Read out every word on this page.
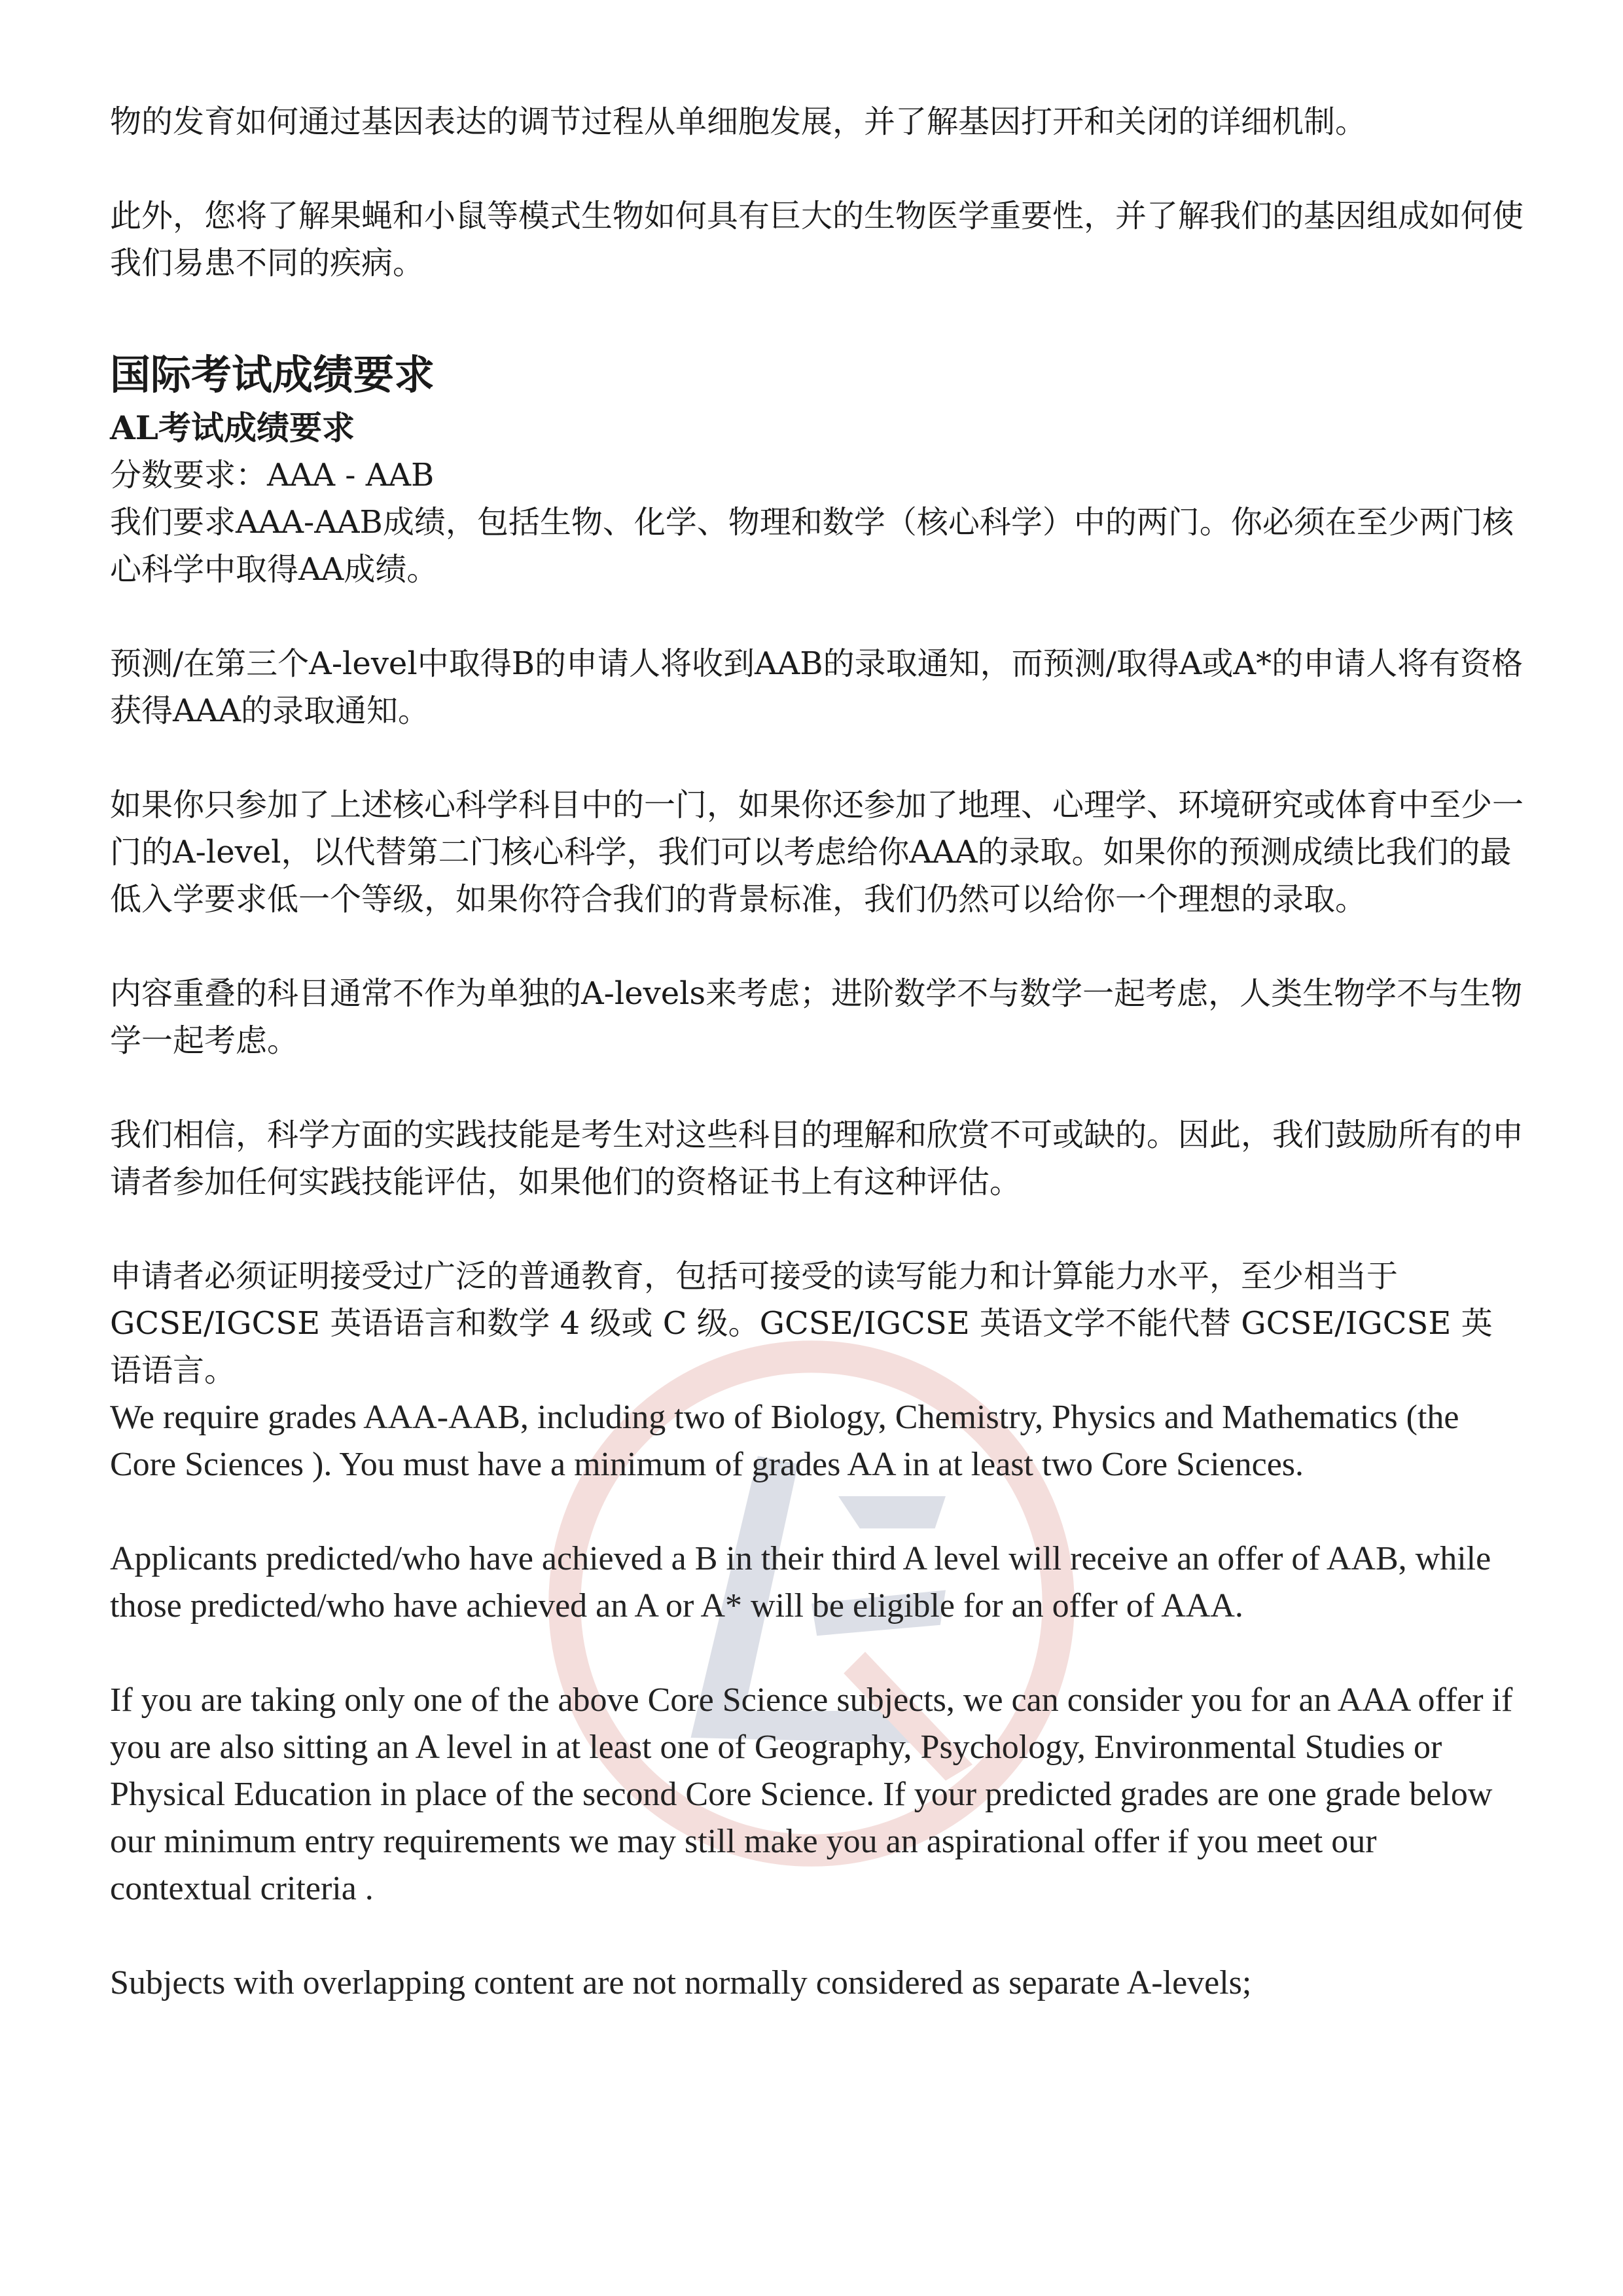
物的发育如何通过基因表达的调节过程从单细胞发展，并了解基因打开和关闭的详细机制。

此外，您将了解果蝇和小鼠等模式生物如何具有巨大的生物医学重要性，并了解我们的基因组成如何使我们易患不同的疾病。

国际考试成绩要求
AL考试成绩要求

分数要求：AAA - AAB

我们要求AAA-AAB成绩，包括生物、化学、物理和数学（核心科学）中的两门。你必须在至少两门核心科学中取得AA成绩。

预测/在第三个A-level中取得B的申请人将收到AAB的录取通知，而预测/取得A或A*的申请人将有资格获得AAA的录取通知。

如果你只参加了上述核心科学科目中的一门，如果你还参加了地理、心理学、环境研究或体育中至少一门的A-level，以代替第二门核心科学，我们可以考虑给你AAA的录取。如果你的预测成绩比我们的最低入学要求低一个等级，如果你符合我们的背景标准，我们仍然可以给你一个理想的录取。

内容重叠的科目通常不作为单独的A-levels来考虑；进阶数学不与数学一起考虑，人类生物学不与生物学一起考虑。

我们相信，科学方面的实践技能是考生对这些科目的理解和欣赏不可或缺的。因此，我们鼓励所有的申请者参加任何实践技能评估，如果他们的资格证书上有这种评估。

申请者必须证明接受过广泛的普通教育，包括可接受的读写能力和计算能力水平，至少相当于 GCSE/IGCSE 英语语言和数学 4 级或 C 级。GCSE/IGCSE 英语文学不能代替 GCSE/IGCSE 英语语言。

We require grades AAA-AAB, including two of Biology, Chemistry, Physics and Mathematics (the Core Sciences ). You must have a minimum of grades AA in at least two Core Sciences.

Applicants predicted/who have achieved a B in their third A level will receive an offer of AAB, while those predicted/who have achieved an A or A* will be eligible for an offer of AAA.

If you are taking only one of the above Core Science subjects, we can consider you for an AAA offer if you are also sitting an A level in at least one of Geography, Psychology, Environmental Studies or Physical Education in place of the second Core Science. If your predicted grades are one grade below our minimum entry requirements we may still make you an aspirational offer if you meet our contextual criteria .

Subjects with overlapping content are not normally considered as separate A-levels;
